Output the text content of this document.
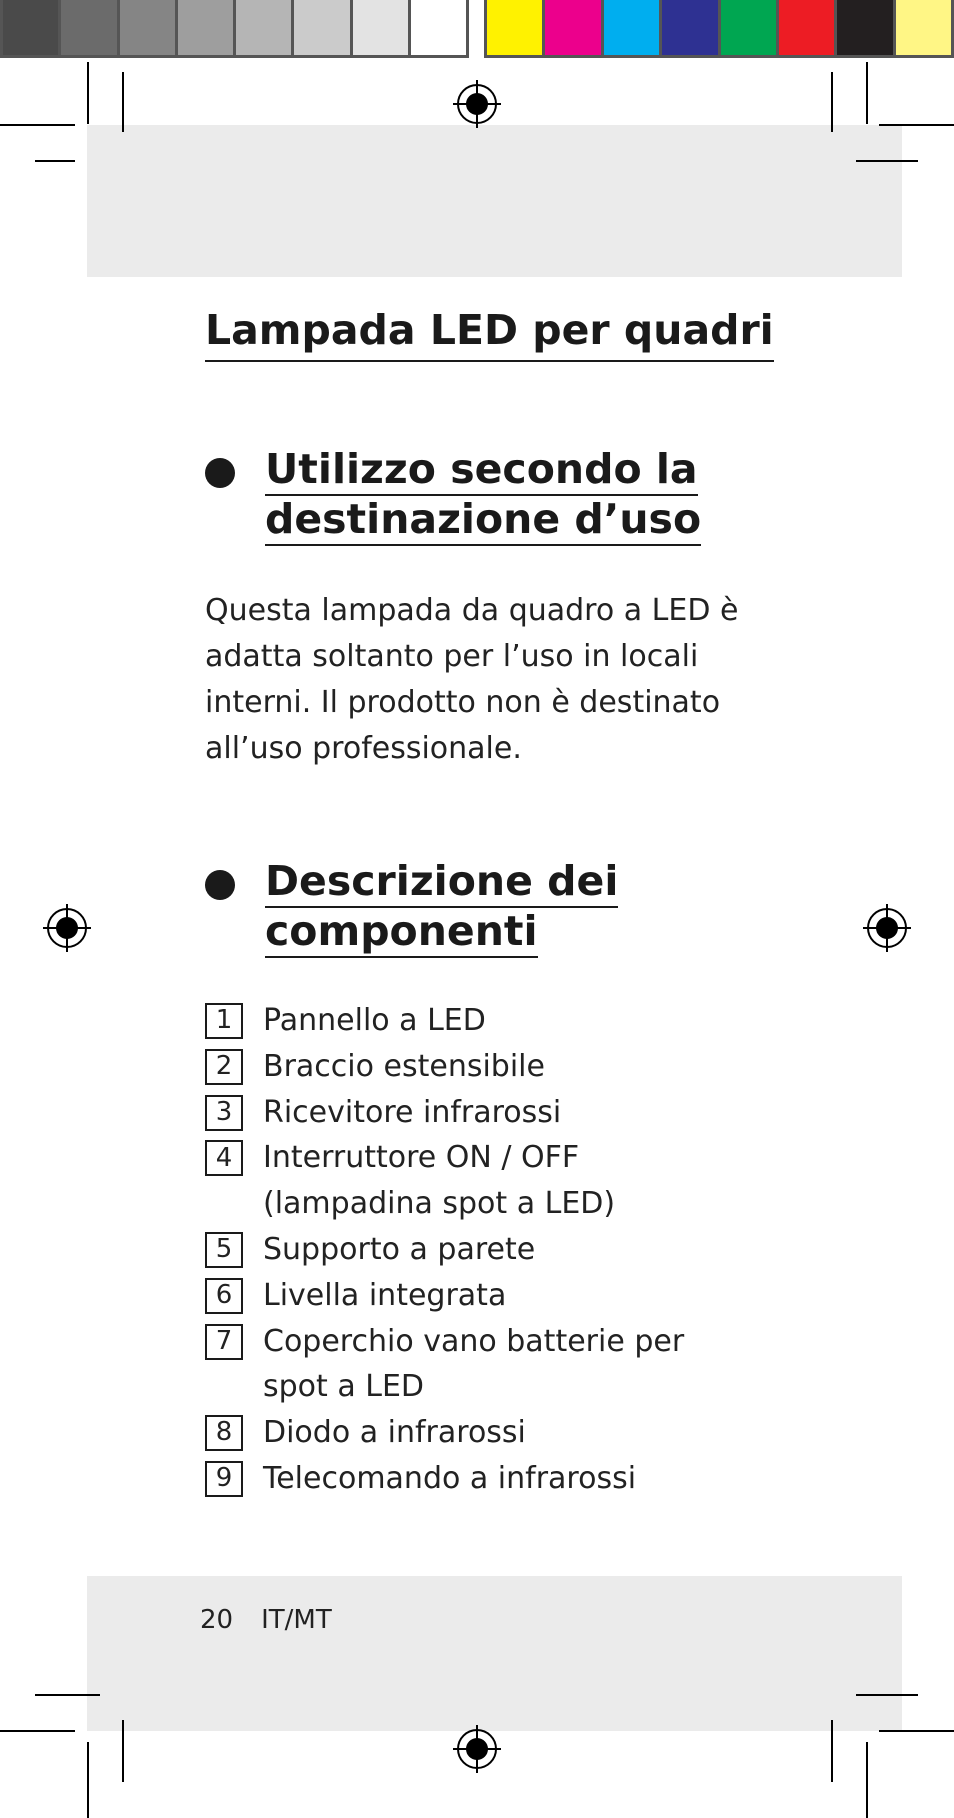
Lampada LED per quadri
Utilizzo secondo la
destinazione d’uso

Questa lampada da quadro a LED è adatta soltanto per l’uso in locali interni. Il prodotto non è destinato all’uso professionale.

Descrizione dei
componenti
1	Pannello a LED
2	Braccio estensibile
3	Ricevitore infrarossi
4	Interruttore ON / OFF (lampadina spot a LED)
5	Supporto a parete
6	Livella integrata
7	Coperchio vano batterie per spot a LED
8	Diodo a infrarossi
9	Telecomando a infrarossi
20 IT/MT
